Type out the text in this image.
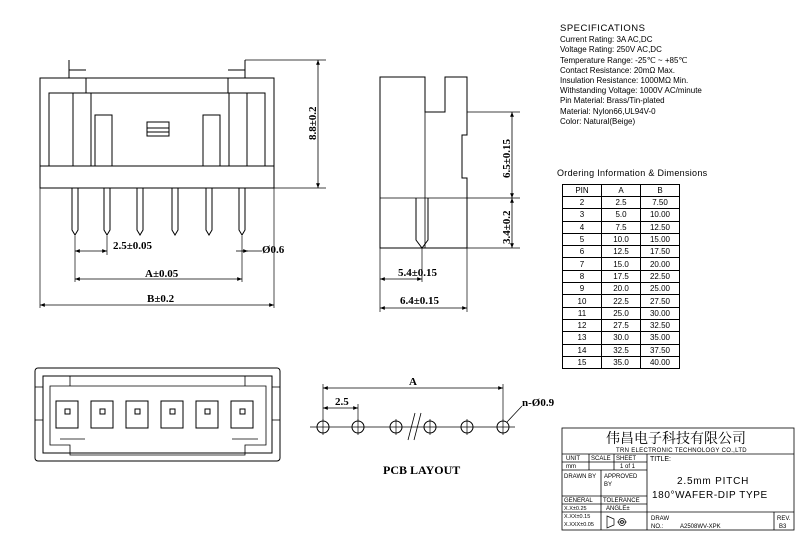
2.5±0.05	Ø0.6
A±0.05
B±0.2
8.8±0.2
6.5±0.15
3.4±0.2
5.4±0.15
6.4±0.15
A
2.5	n-Ø0.9
PCB LAYOUT
伟昌电子科技有限公司
TRN ELECTRONIC TECHNOLOGY CO.,LTD
UNIT
mm
SCALE SHEET
1 of 1
TITLE:
2.5mm PITCH
180°WAFER-DIP TYPE
DRAWN BY APPROVED
BY
GENERAL TOLERANCE
X.X±0.25
X.XX±0.15
X.XXX±0.05
ANGLE±
DRAW
NO.:	A2508WV-XPK
REV.
B3
SPECIFICATIONS
Current Rating: 3A AC,DC
Voltage Rating: 250V AC,DC
Temperature Range: -25℃ ~ +85℃
Contact Resistance: 20mΩ Max.
Insulation Resistance: 1000MΩ Min.
Withstanding Voltage: 1000V AC/minute
Pin Material: Brass/Tin-plated
Material: Nylon66,UL94V-0
Color: Natural(Beige)
Ordering Information & Dimensions
PIN	A	B
2	2.5	7.50
3	5.0	10.00
4	7.5	12.50
5	10.0	15.00
6	12.5	17.50
7	15.0	20.00
8	17.5	22.50
9	20.0	25.00
10	22.5	27.50
11	25.0	30.00
12	27.5	32.50
13	30.0	35.00
14	32.5	37.50
15	35.0	40.00
